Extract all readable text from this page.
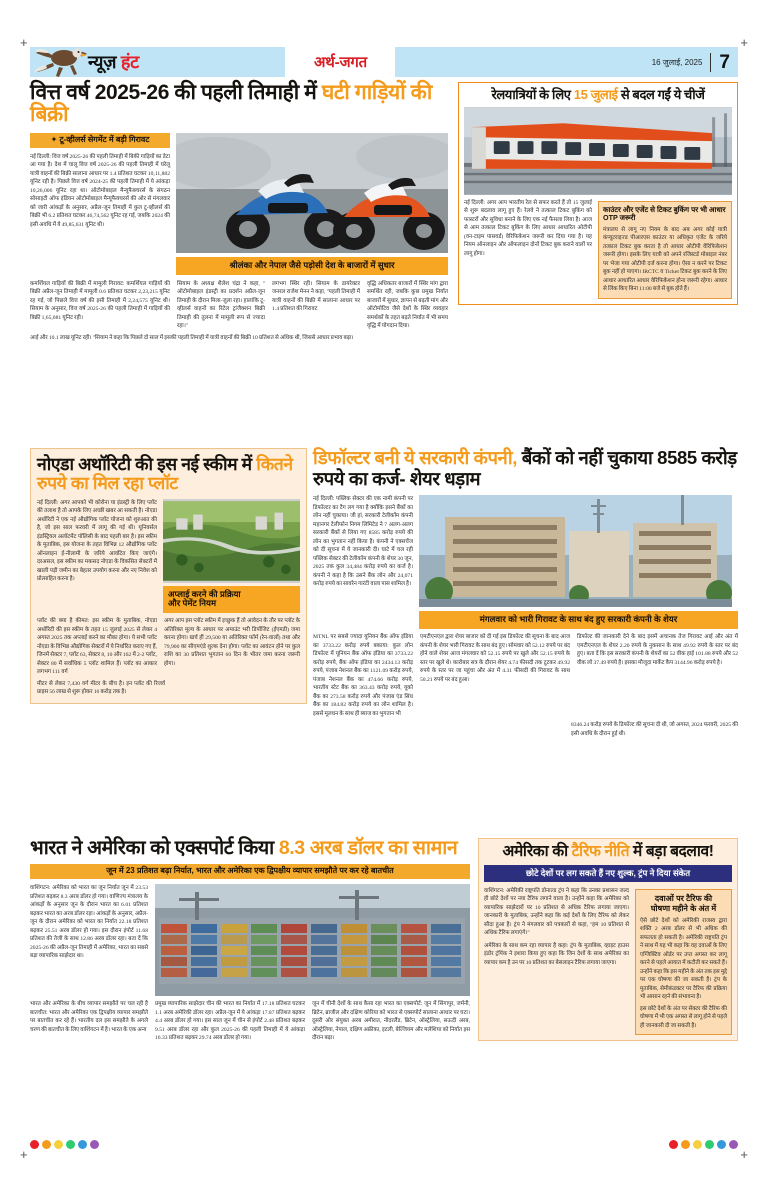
+	+
+	+
न्यूज़ हंट	अर्थ-जगत	16 जुलाई, 2025 7
वित्त वर्ष 2025-26 की पहली तिमाही में घटी गाड़ियों की बिक्री
✦ टू-व्हीलर्स सेगमेंट में बड़ी गिरावट
नई दिल्ली: वित्त वर्ष 2025-26 की पहली तिमाही में बिकी गाड़ियों का डेटा आ गया है। देश में चालू वित्त वर्ष 2025-26 की पहली तिमाही में घरेलू यात्री वाहनों की बिक्री सालाना आधार पर 1.4 प्रतिशत घटकर 10,11,882 यूनिट रही है। पिछले वित्त वर्ष 2024-25 की पहली तिमाही में ये आंकड़ा 10,26,006 यूनिट रहा था। ऑटोमोबाइल मैन्यूफैक्चरर्स के संगठन सोसाइटी ऑफ इंडियन ऑटोमोबाइल मैन्यूफैक्चरर्स की ओर से मंगलवार को जारी आंकड़ों के अनुसार, अप्रैल-जून तिमाही में कुल टू-व्हीलर्स की बिक्री भी 6.2 प्रतिशत घटकर 46,74,562 यूनिट रह गई, जबकि 2024 की इसी अवधि में ये 49,85,631 यूनिट थी।
श्रीलंका और नेपाल जैसे पड़ोसी देश के बाजारों में सुधार
कमर्शियल गाड़ियों की बिक्री में मामूली गिरावट: कमर्शियल गाड़ियों की बिक्री अप्रैल-जून तिमाही में मामूली 0.6 प्रतिशत घटकर 2,23,215 यूनिट रह गई, जो पिछले वित्त वर्ष की इसी तिमाही में 2,24,575 यूनिट थी। सियाम के अनुसार, वित्त वर्ष 2025-26 की पहली तिमाही में गाड़ियों की बिक्री 1,65,081 यूनिट रही।
सियाम के अध्यक्ष शैलेश चंद्रा ने कहा, '' ऑटोमोबाइल इंडस्ट्री का प्रदर्शन अप्रैल-जून तिमाही के दौरान मिला-जुला रहा। हालांकि टू-व्हीलर्स वाहनों का रिटेल ट्रांजैक्शन बिक्री तिमाही की तुलना में मामूली रूप से ज्यादा रहा।''
लगभग स्थिर रही। सियाम के डायरेक्टर जनरल राजेश मेनन ने कहा, ''पहली तिमाही में यात्री वाहनों की बिक्री में सालाना आधार पर 1.4 प्रतिशत की गिरावट
वृद्धि अधिकतर बाजारों में स्थिर मांग द्वारा समर्थित रही, जबकि कुछ प्रमुख निर्यात बाजारों में सुधार, ज्ञापन से बढ़ती मांग और ऑटोमोटिव जैसे देशों के स्थिर व्यवहार समर्थकों के तहत बढ़ते निर्यात में भी समय वृद्धि में योगदान दिया।
आई और 10.1 लाख यूनिट रही। ''सियाम ने कहा कि पिछले दो साल में इसकी पहली तिमाही में यात्री वाहनों की बिक्री 10 प्रतिशत से अधिक थी, जिससे आधार प्रभाव बढ़ा।
रेलयात्रियों के लिए 15 जुलाई से बदल गईं ये चीजें
नई दिल्ली: अगर आप भारतीय रेल से सफर करते हैं तो 15 जुलाई से शुरू बदलाव लागू हुए हैं। रेलवे ने तत्काल टिकट बुकिंग को फास्टरों और सुविधा बनाने के लिए एक नई फैसला लिया है। आज से आम तत्काल टिकट बुकिंग के लिए आधार आधारित ओटीपी (वन-टाइम पासवर्ड) वेरिफिकेशन जरूरी कर दिया गया है। यह नियम ऑनलाइन और ऑफलाइन दोनों टिकट बुक कराने वालों पर लागू होगा।
काउंटर और एजेंट से टिकट बुकिंग पर भी आधार OTP जरूरी
मंत्रालय से लागू नए नियम के बाद अब अगर कोई यात्री कंप्यूटराइज्ड पीआरएस काउंटर या अधिकृत एजेंट के जरिये तत्काल टिकट बुक करता है तो आधार ओटीपी वेरिफिकेशन जरूरी होगा। इसके लिए यात्री को अपने रजिस्टर्ड मोबाइल नंबर पर भेजा गया ओटीपी दर्ज करना होगा। ऐसा न करने पर टिकट बुक नहीं हो पाएगा। IRCTC व Ticket टिकट बुक करने के लिए आधार आधारित आधार वेरिफिकेशन होना जरूरी रहेगा। आधार से लिंक किए बिना 11:00 बजे से बुक होते हैं।
नोएडा अथॉरिटी की इस नई स्कीम में कितने रुपये का मिल रहा प्लॉट
नई दिल्ली: अगर आपको भी कोरोना या इंडस्ट्री के लिए प्लॉट की तलाश है तो आपके लिए अच्छी खबर आ सकती है। नोएडा अथॉरिटी ने एक नई औद्योगिक प्लॉट योजना को शुरुआत की है, जो इस साल फरवरी में लागू की गई थी। यूनिवर्सल इंडस्ट्रियल अलॉटमेंट पॉलिसी के बाद पहली बार है। इस स्कीम के मुताबिक, इस योजना के तहत विभिन्न 12 औद्योगिक प्लॉट ऑनलाइन ई-नीलामी के जरिये आवंटित किए जाएंगे। दरअसल, इस स्कीम का मकसद नोएडा के विकसित सेक्टरों में खाली पड़ी जमीन का बेहतर उपयोग करना और नए निवेश को प्रोत्साहित करना है।
अप्लाई करने की प्रक्रिया
और पेमेंट नियम
प्लॉट की क्या है कीमत: इस स्कीम के मुताबिक, नोएडा अथॉरिटी की इस स्कीम के तहत 15 जुलाई 2025 से लेकर 4 अगस्त 2025 तक अप्लाई करने का मौका होगा। ये सभी प्लॉट नोएडा के विभिन्न औद्योगिक सेक्टरों में ये निर्धारित कराए गए हैं, जिनमें सेक्टर 7, प्लॉट 63, सेक्टर 8, 10 और 162 में 2-2 प्लॉट, सेक्टर 80 में सर्वाधिक 5 प्लॉट शामिल हैं। प्लॉट का आकार लगभग 111 वर्ग
अगर आप इस प्लॉट स्कीम में इच्छुक हैं तो आवेदन के तौर पर प्लॉट के अतिरिक्त मूल्य के आधार पर अमाउंट भरी डिपॉजिट (ईएमडी) जमा करना होगा। खर्च हीं 29,500 या अतिरिक्त फॉर्म (रेन-वालों) तथा और 79,900 का सीएमएंडे शुल्क देना होगा। प्लॉट का आवंटन होने पर कुल राशि का 30 प्रतिशत भुगतान 60 दिन के भीतर जमा करना जरूरी होगा।
मीटर से लेकर 7,430 वर्ग मीटर के बीच है। इन प्लॉट की रिजर्व प्राइस 56 लाख से शुरू होकर 16 करोड़ तक है।
डिफॉल्टर बनी ये सरकारी कंपनी, बैंकों को नहीं चुकाया 8585 करोड़ रुपये का कर्ज- शेयर धड़ाम
नई दिल्ली: पब्लिक सेक्टर की एक नामी कंपनी पर डिफॉल्टर का टैग लग गया है क्योंकि इसने बैंकों का लोन नहीं चुकाया। जी हां, सरकारी टेलीकॉम कंपनी महानगर टेलीफोन निगम लिमिटेड ने 7 अलग-अलग सरकारी बैंकों से लिया गए 8585 करोड़ रुपये की लोन का भुगतान नहीं किया है। कंपनी ने एक्सचेंज को दी सूचना में ये जानकारी दी। घाटे में चल रही पब्लिक सेक्टर की टेलीकॉम कंपनी के शेयर 30 जून, 2025 तक कुल 34,484 करोड़ रुपये का कर्ज है। कंपनी ने कहा है कि उसने बैंक लोन और 24,071 करोड़ रुपये का सावरेन गारंटी वाला पास शामिल है।
मंगलवार को भारी गिरावट के साथ बंद हुए सरकारी कंपनी के शेयर
MTNL पर सबसे ज्यादा यूनियन बैंक ऑफ इंडिया का 3733.22 करोड़ रुपये बकाया: कुल लोन डिफॉल्ट में यूनियन बैंक ऑफ इंडिया का 3733.22 करोड़ रुपये, बैंक ऑफ इंडिया का 2434.13 करोड़ रुपये, पंजाब नेशनल बैंक का 1121.09 करोड़ रुपये, पंजाब नेशनल बैंक का 474.66 करोड़ रुपये, भारतीय स्टेट बैंक का 363.43 करोड़ रुपये, यूको बैंक का 273.58 करोड़ रुपये और पंजाब एंड सिंध बैंक का 184.82 करोड़ रुपये का लोन शामिल है। इससे मूलधन के साथ ही ब्याज का भुगतान भी
एमटीएनएल द्वारा शेयर बाजार को दी गई इस डिफॉल्ट की सूचना के बाद आज कंपनी के शेयर भारी गिरावट के साथ बंद हुए। सोमवार को 52.12 रुपये पर बंद होने वाले शेयर आज मंगलवार को 52.15 रुपये पर खुले और 52.15 रुपये के स्तर पर खुले थे। कारोबार सत्र के दौरान शेयर 4.74 फीसदी तक टूटकर 49.92 रुपये के स्तर पर जा पहुंचा और अंत में 4.31 फीसदी की गिरावट के साथ 50.21 रुपये पर बंद हुआ।
डिफॉल्ट की जानकारी देने के बाद इसमें अचानक तेज गिरावट आई और अंत में एमटीएनएल के शेयर 2.20 रुपये के नुकसान के साथ 49.92 रुपये के स्तर पर बंद हुए। बता दें कि इस सरकारी कंपनी के शेयरों का 52 वीक हाई 101.88 रुपये और 52 वीक लो 37.49 रुपये है। इसका मौजूदा मार्केट कैप 3144.96 करोड़ रुपये है।
8346.24 करोड़ रुपये के डिफॉल्ट की सूचना दी थी, जो अगस्त, 2024 फरवरी, 2025 की इसी अवधि के दौरान हुई थी।
भारत ने अमेरिका को एक्सपोर्ट किया 8.3 अरब डॉलर का सामान
जून में 23 प्रतिशत बढ़ा निर्यात, भारत और अमेरिका एक द्विपक्षीय व्यापार समझौते पर कर रहे बातचीत
वाशिंगटन: अमेरिका को भारत का जून निर्यात जून में 23.53 प्रतिशत बढ़कर 8.3 अरब डॉलर हो गया। वाणिज्य मंत्रालय के आंकड़ों के अनुसार जून के दौरान भारत का 6.01 प्रतिशत बढ़कर भारत का अरब डॉलर रहा। आंकड़ों के अनुसार, अप्रैल-जून के दौरान अमेरिका को भारत का निर्यात 22.18 प्रतिशत बढ़कर 25.51 अरब डॉलर हो गया। इस दौरान इंपोर्ट 11.68 प्रतिशत की तेजी के साथ 12.86 अरब डॉलर रहा। बता दें कि 2025-26 की अप्रैल-जून तिमाही में अमेरिका, भारत का सबसे बड़ा व्यापारिक साझेदार था।
भारत और अमेरिका के बीच व्यापार समझौते पर चल रही है बातचीत: भारत और अमेरिका एक द्विपक्षीय व्यापार समझौते पर बातचीत कर रहे हैं। भारतीय दल इस समझौते के अगले चरण की बातचीत के लिए वाशिंगटन में है। भारत के एक अन्य
प्रमुख व्यापारिक साझेदार चीन की भारत का निर्यात में 17.18 प्रतिशत घटकर 1.1 अरब अमेरिकी डॉलर रहा। अप्रैल-जून में ये आंकड़ा 17.87 प्रतिशत बढ़कर 4.4 अरब डॉलर हो गया। इस साल जून में चीन से इंपोर्ट 2.48 प्रतिशत बढ़कर 9.51 अरब डॉलर रहा और कुल 2025-26 की पहली तिमाही में ये आंकड़ा 16.33 प्रतिशत बढ़कर 29.74 अरब डॉलर हो गया।
जून में चीनी देशों के साथ कैसा रहा भारत का एक्सपोर्ट: जून में सिंगापुर, जर्मनी, ब्रिटेन, ब्राजील और दक्षिण कोरिया को भारत से एक्सपोर्ट सालाना आधार पर घटा। दूसरी ओर संयुक्त अरब अमीरात, नीदरलैंड, ब्रिटेन, ऑस्ट्रेलिया, सऊदी अरब, ऑस्ट्रेलिया, नेपाल, दक्षिण अफ्रीका, इटली, बेल्जियम और मलेशिया को निर्यात इस दौरान बढ़ा।
अमेरिका की टैरिफ नीति में बड़ा बदलाव!
छोटे देशों पर लग सकते हैं नए शुल्क, ट्रंप ने दिया संकेत
वाशिंगटन: अमेरिकी राष्ट्रपति डोनाल्ड ट्रंप ने कहा कि उनका प्रशासन जल्द ही छोटे देशों पर नया टैरिफ लगाने वाला है। उन्होंने कहा कि अमेरिका को व्यापारिक साझेदारों पर 10 प्रतिशत से अधिक टैरिफ लगाया जाएगा। जानकारी के मुताबिक, उन्होंने कहा कि कई देशों के लिए टैरिफ को लेकर सौदा हुआ है। ट्रंप ने मंगलवार को पत्रकारों से कहा, ''हम 10 प्रतिशत से अधिक टैरिफ लगाएंगे।''
अमेरिका के साथ कम रहा व्यापार है कहा: ट्रंप के मुताबिक, व्हाइट हाउस इंडोर ट्रंपिंक ने इशारा किया हुए कहा कि जिन देशों के साथ अमेरिका का व्यापार कम है उन पर 10 प्रतिशत का बेसलाइन टैरिफ लगाया जाएगा।
दवाओं पर टैरिफ की
घोषणा महीने के अंत में
ऐसे छोटे देशों को अमेरिकी राजस्व द्वारा शक्ति 2 अरब डॉलर से भी अधिक की सफलता हो सकती है। अमेरिकी राष्ट्रपति ट्रंप ने साथ में यह भी कहा कि वह दवाओं के लिए एग्जिक्टिव ऑर्डर पर उप्त अगस्त कर लागू करने से पहले आयात में कटौती कर सकते हैं। उन्होंने कहा कि इस महीने के अंत तक इस मुद्दे पर एक घोषणा की जा सकती है। ट्रंप के मुताबिक, सेमीकंडक्टर पर टैरिफ की प्रक्रिया भी आसान रहने की संभावना है।
इस छोटे देशों के अंत पर सेक्टर की टैरिफ की घोषणा में भी एक अगस्त से लागू होने से पहले ही जानकारी दी जा सकती है।
